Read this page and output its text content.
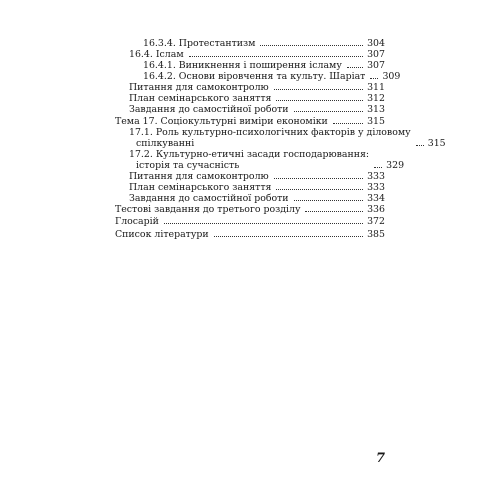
16.3.4. Протестантизм	304
16.4. Іслам	307
16.4.1. Виникнення і поширення ісламу	307
16.4.2. Основи віровчення та культу. Шаріат 309
Питання для самоконтролю	311
План семінарського заняття	312
Завдання до самостійної роботи	313
Тема 17. Соціокультурні виміри економіки	315
17.1. Роль культурно-психологічних факторів у діловому
спілкуванні	315
17.2. Культурно-етичні засади господарювання:
історія та сучасність	329
Питання для самоконтролю	333
План семінарського заняття	333
Завдання до самостійної роботи	334
Тестові завдання до третього розділу	336
Глосарій	372
Список літератури	385
7
